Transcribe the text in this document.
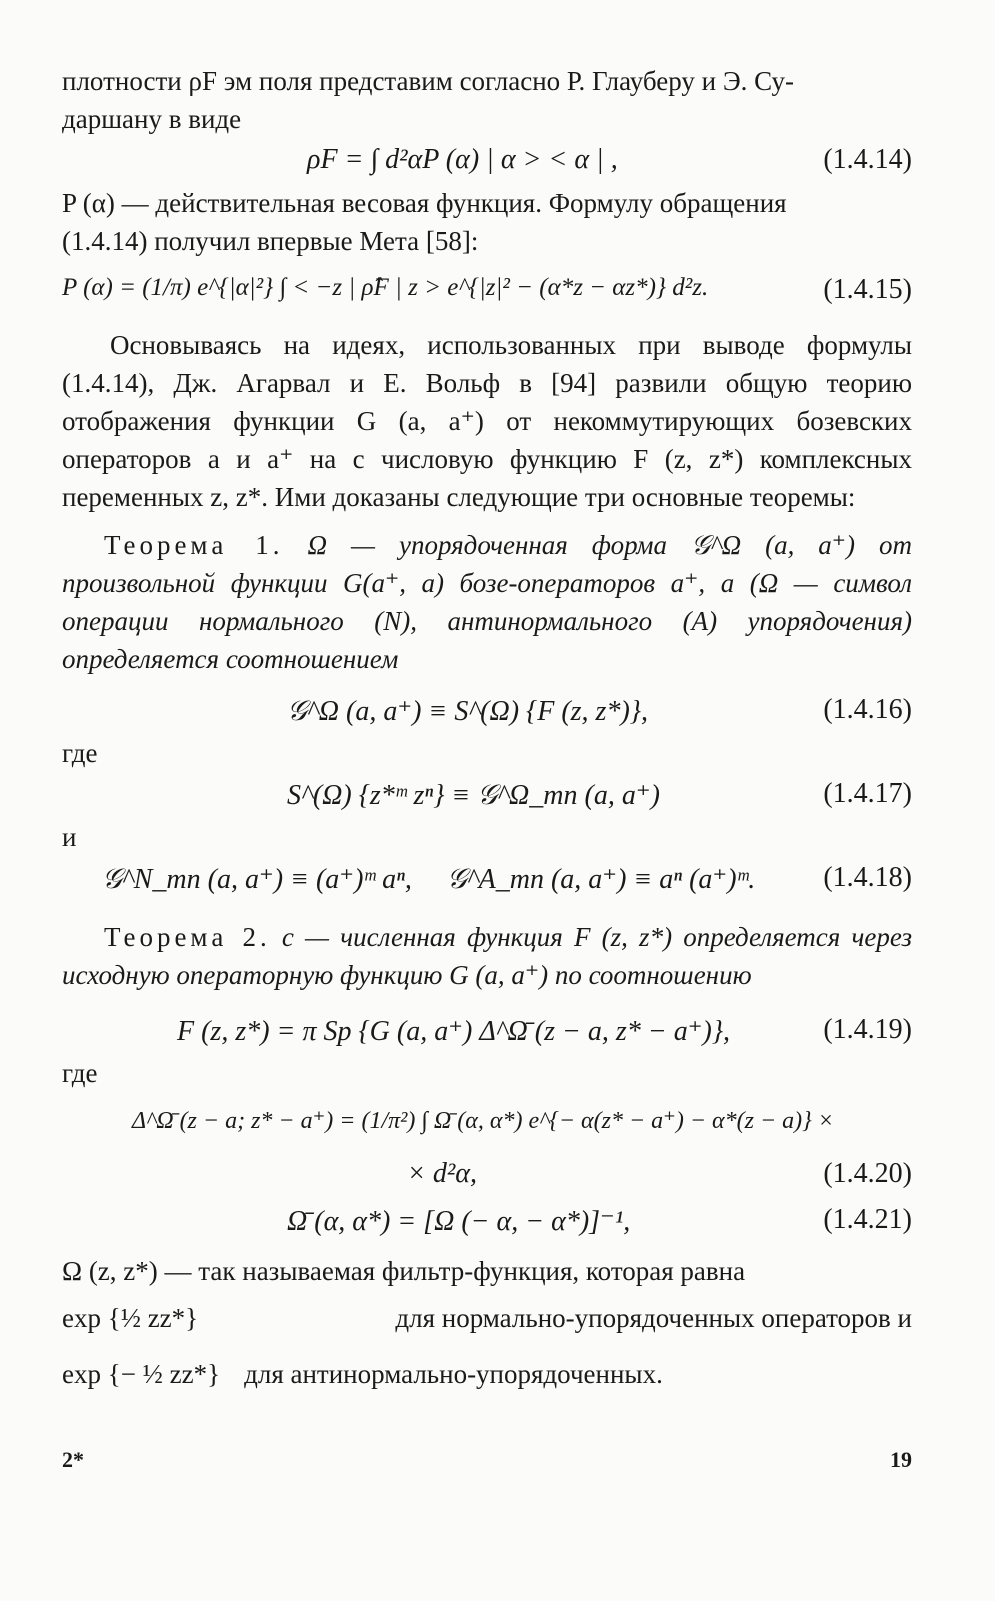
плотности ρF эм поля представим согласно Р. Глауберу и Э. Су-
даршану в виде
ρF = ∫ d²αP (α) | α > < α | ,	(1.4.14)
P (α) — действительная весовая функция. Формулу обращения
(1.4.14) получил впервые Мета [58]:
P (α) = (1/π) e^{|α|²} ∫ < −z | ρ̂F | z > e^{|z|² − (α*z − αz*)} d²z.	(1.4.15)

Основываясь на идеях, использованных при выводе формулы (1.4.14), Дж. Агарвал и Е. Вольф в [94] развили общую теорию отображения функции G (a, a⁺) от некоммутирующих бозевских операторов a и a⁺ на c числовую функцию F (z, z*) комплексных переменных z, z*. Ими доказаны следующие три основные теоремы:

Теорема 1. Ω — упорядоченная форма 𝒢^Ω (a, a⁺) от произвольной функции G(a⁺, a) бозе-операторов a⁺, a (Ω — символ операции нормального (N), антинормального (A) упорядочения) определяется соотношением

𝒢^Ω (a, a⁺) ≡ S^(Ω) {F (z, z*)},	(1.4.16)
где
S^(Ω) {z*ᵐ zⁿ} ≡ 𝒢^Ω_mn (a, a⁺)	(1.4.17)
и
𝒢^N_mn (a, a⁺) ≡ (a⁺)ᵐ aⁿ,     𝒢^A_mn (a, a⁺) ≡ aⁿ (a⁺)ᵐ. (1.4.18)

Теорема 2. c — численная функция F (z, z*) определяется через исходную операторную функцию G (a, a⁺) по соотношению

F (z, z*) = π Sp {G (a, a⁺) Δ^Ω̄ (z − a, z* − a⁺)},	(1.4.19)
где
Δ^Ω̄ (z − a; z* − a⁺) = (1/π²) ∫ Ω̄ (α, α*) e^{− α(z* − a⁺) − α*(z − a)} ×
× d²α,	(1.4.20)
Ω̄ (α, α*) = [Ω (− α, − α*)]⁻¹,	(1.4.21)
Ω (z, z*) — так называемая фильтр-функция, которая равна
exp {½ zz*}	для нормально-упорядоченных операторов и
exp {− ½ zz*} для антинормально-упорядоченных.
2*	19
